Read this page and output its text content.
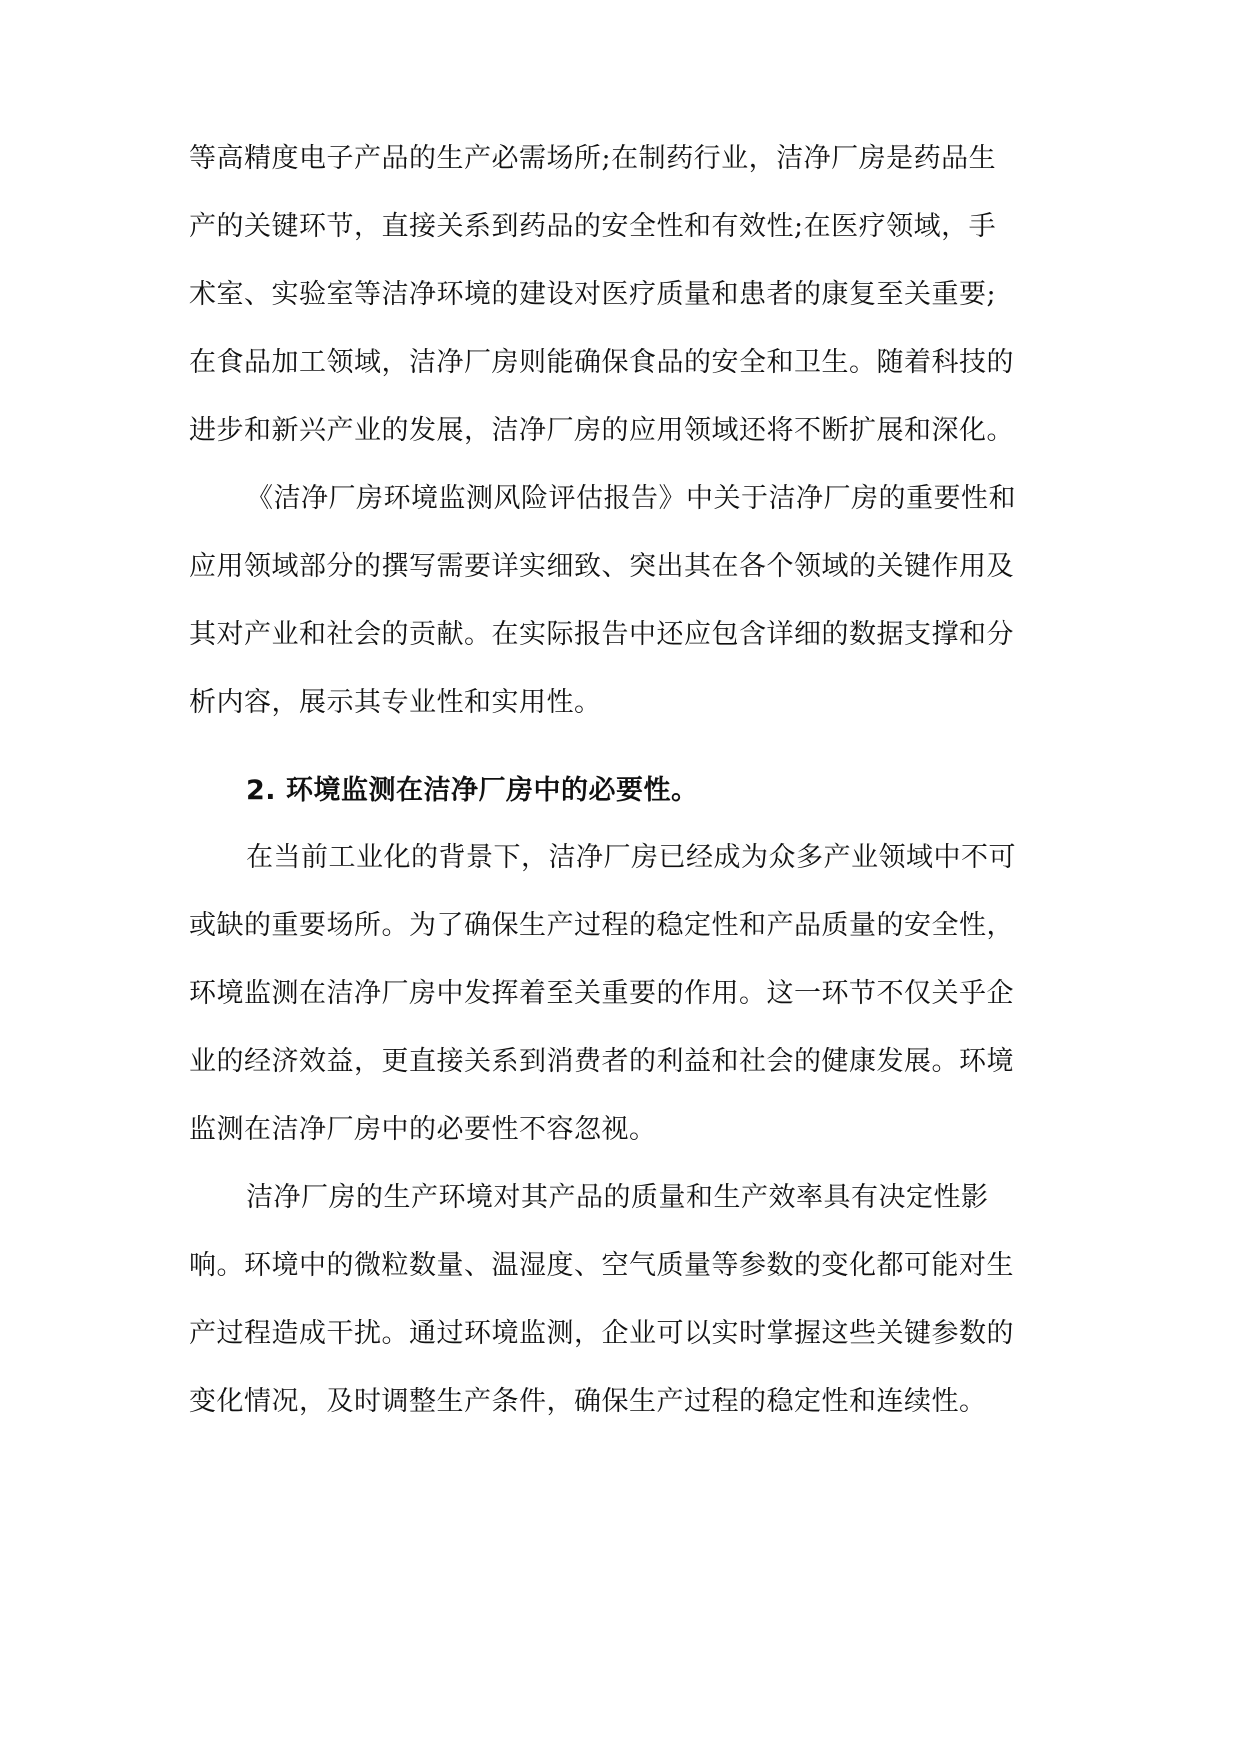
等高精度电子产品的生产必需场所;在制药行业，洁净厂房是药品生
产的关键环节，直接关系到药品的安全性和有效性;在医疗领域，手
术室、实验室等洁净环境的建设对医疗质量和患者的康复至关重要;
在食品加工领域，洁净厂房则能确保食品的安全和卫生。随着科技的
进步和新兴产业的发展，洁净厂房的应用领域还将不断扩展和深化。
《洁净厂房环境监测风险评估报告》中关于洁净厂房的重要性和
应用领域部分的撰写需要详实细致、突出其在各个领域的关键作用及
其对产业和社会的贡献。在实际报告中还应包含详细的数据支撑和分
析内容，展示其专业性和实用性。
2. 环境监测在洁净厂房中的必要性。
在当前工业化的背景下，洁净厂房已经成为众多产业领域中不可
或缺的重要场所。为了确保生产过程的稳定性和产品质量的安全性，
环境监测在洁净厂房中发挥着至关重要的作用。这一环节不仅关乎企
业的经济效益，更直接关系到消费者的利益和社会的健康发展。环境
监测在洁净厂房中的必要性不容忽视。
洁净厂房的生产环境对其产品的质量和生产效率具有决定性影
响。环境中的微粒数量、温湿度、空气质量等参数的变化都可能对生
产过程造成干扰。通过环境监测，企业可以实时掌握这些关键参数的
变化情况，及时调整生产条件，确保生产过程的稳定性和连续性。
